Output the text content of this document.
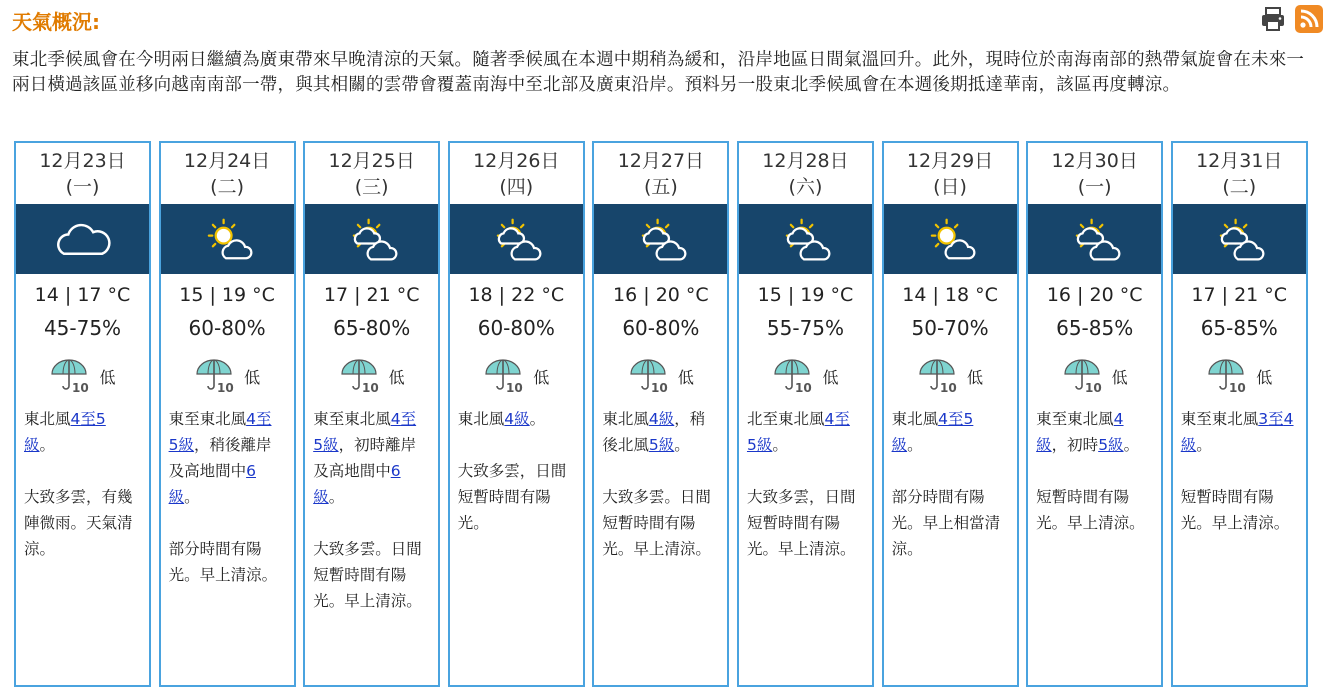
天氣概況:
東北季候風會在今明兩日繼續為廣東帶來早晚清涼的天氣。隨著季候風在本週中期稍為緩和，沿岸地區日間氣溫回升。此外，現時位於南海南部的熱帶氣旋會在未來一兩日橫過該區並移向越南南部一帶，與其相關的雲帶會覆蓋南海中至北部及廣東沿岸。預料另一股東北季候風會在本週後期抵達華南，該區再度轉涼。
12月23日
(一)
14 | 17 °C
45-75%
10
低
東北風4至5
級。
大致多雲，有幾陣微雨。天氣清涼。
12月24日
(二)
15 | 19 °C
60-80%
10
低
東至東北風4至
5級，稍後離岸及高地間中6
級。
部分時間有陽光。早上清涼。
12月25日
(三)
17 | 21 °C
65-80%
10
低
東至東北風4至
5級，初時離岸及高地間中6
級。
大致多雲。日間短暫時間有陽光。早上清涼。
12月26日
(四)
18 | 22 °C
60-80%
10
低
東北風4級。
大致多雲，日間短暫時間有陽光。
12月27日
(五)
16 | 20 °C
60-80%
10
低
東北風4級，稍後北風5級。
大致多雲。日間短暫時間有陽光。早上清涼。
12月28日
(六)
15 | 19 °C
55-75%
10
低
北至東北風4至
5級。
大致多雲，日間短暫時間有陽光。早上清涼。
12月29日
(日)
14 | 18 °C
50-70%
10
低
東北風4至5
級。
部分時間有陽光。早上相當清涼。
12月30日
(一)
16 | 20 °C
65-85%
10
低
東至東北風4
級，初時5級。
短暫時間有陽光。早上清涼。
12月31日
(二)
17 | 21 °C
65-85%
10
低
東至東北風3至4
級。
短暫時間有陽光。早上清涼。
